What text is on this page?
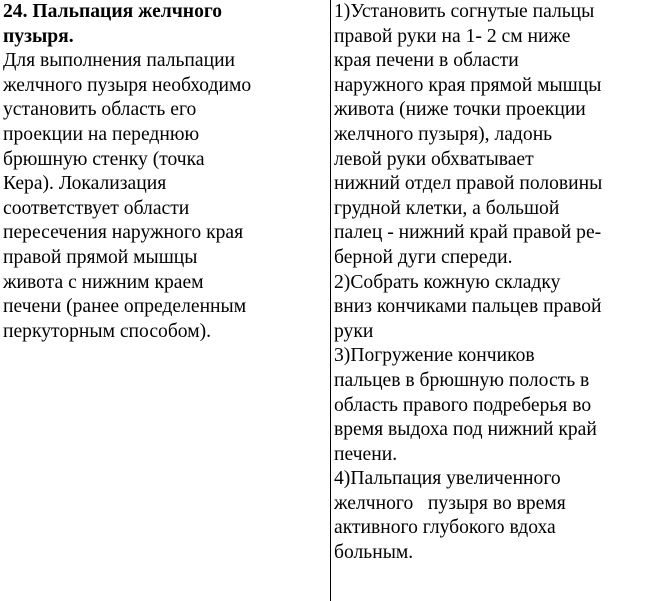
24. Пальпация желчного
пузыря.
Для выполнения пальпации
желчного пузыря необходимо
установить область его
проекции на переднюю
брюшную стенку (точка
Кера). Локализация
соответствует области
пересечения наружного края
правой прямой мышцы
живота с нижним краем
печени (ранее определенным
перкуторным способом).
1)Установить согнутые пальцы
правой руки на 1- 2 см ниже
края печени в области
наружного края прямой мышцы
живота (ниже точки проекции
желчного пузыря), ладонь
левой руки обхватывает
нижний отдел правой половины
грудной клетки, а большой
палец - нижний край правой ре-
берной дуги спереди.
2)Собрать кожную складку
вниз кончиками пальцев правой
руки
3)Погружение кончиков
пальцев в брюшную полость в
область правого подреберья во
время выдоха под нижний край
печени.
4)Пальпация увеличенного
желчного   пузыря во время
активного глубокого вдоха
больным.
